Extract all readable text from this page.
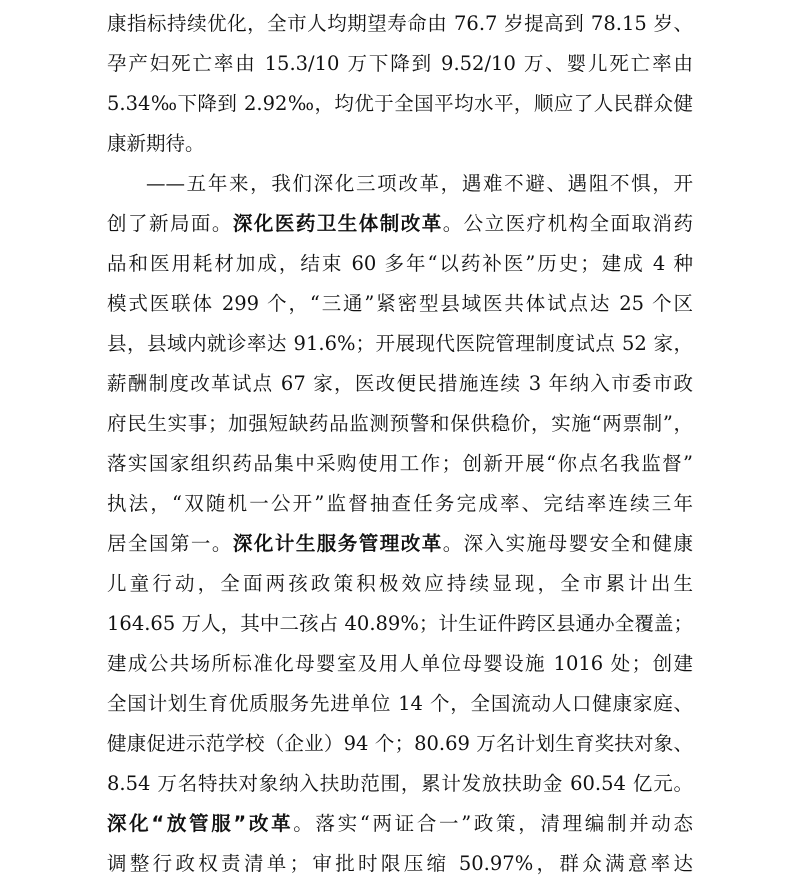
康指标持续优化，全市人均期望寿命由 76.7 岁提高到 78.15 岁、
孕产妇死亡率由 15.3/10 万下降到 9.52/10 万、婴儿死亡率由
5.34‰下降到 2.92‰，均优于全国平均水平，顺应了人民群众健
康新期待。
——五年来，我们深化三项改革，遇难不避、遇阻不惧，开
创了新局面。深化医药卫生体制改革。公立医疗机构全面取消药
品和医用耗材加成，结束 60 多年“以药补医”历史；建成 4 种
模式医联体 299 个，“三通”紧密型县域医共体试点达 25 个区
县，县域内就诊率达 91.6%；开展现代医院管理制度试点 52 家，
薪酬制度改革试点 67 家，医改便民措施连续 3 年纳入市委市政
府民生实事；加强短缺药品监测预警和保供稳价，实施“两票制”，
落实国家组织药品集中采购使用工作；创新开展“你点名我监督”
执法，“双随机一公开”监督抽查任务完成率、完结率连续三年
居全国第一。深化计生服务管理改革。深入实施母婴安全和健康
儿童行动，全面两孩政策积极效应持续显现，全市累计出生
164.65 万人，其中二孩占 40.89%；计生证件跨区县通办全覆盖；
建成公共场所标准化母婴室及用人单位母婴设施 1016 处；创建
全国计划生育优质服务先进单位 14 个，全国流动人口健康家庭、
健康促进示范学校（企业）94 个；80.69 万名计划生育奖扶对象、
8.54 万名特扶对象纳入扶助范围，累计发放扶助金 60.54 亿元。
深化“放管服”改革。落实“两证合一”政策，清理编制并动态
调整行政权责清单；审批时限压缩 50.97%，群众满意率达
